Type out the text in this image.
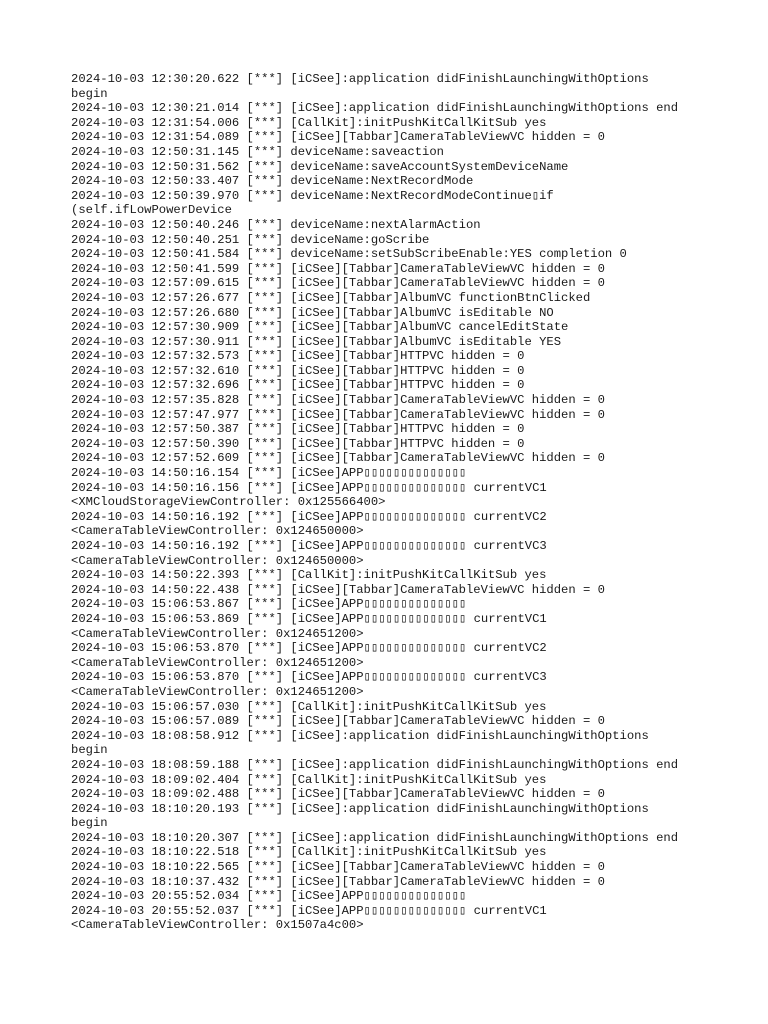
2024-10-03 12:30:20.622 [***] [iCSee]:application didFinishLaunchingWithOptions
begin
2024-10-03 12:30:21.014 [***] [iCSee]:application didFinishLaunchingWithOptions end
2024-10-03 12:31:54.006 [***] [CallKit]:initPushKitCallKitSub yes
2024-10-03 12:31:54.089 [***] [iCSee][Tabbar]CameraTableViewVC hidden = 0
2024-10-03 12:50:31.145 [***] deviceName:saveaction
2024-10-03 12:50:31.562 [***] deviceName:saveAccountSystemDeviceName
2024-10-03 12:50:33.407 [***] deviceName:NextRecordMode
2024-10-03 12:50:39.970 [***] deviceName:NextRecordModeContinue▯if
(self.ifLowPowerDevice
2024-10-03 12:50:40.246 [***] deviceName:nextAlarmAction
2024-10-03 12:50:40.251 [***] deviceName:goScribe
2024-10-03 12:50:41.584 [***] deviceName:setSubScribeEnable:YES completion 0
2024-10-03 12:50:41.599 [***] [iCSee][Tabbar]CameraTableViewVC hidden = 0
2024-10-03 12:57:09.615 [***] [iCSee][Tabbar]CameraTableViewVC hidden = 0
2024-10-03 12:57:26.677 [***] [iCSee][Tabbar]AlbumVC functionBtnClicked
2024-10-03 12:57:26.680 [***] [iCSee][Tabbar]AlbumVC isEditable NO
2024-10-03 12:57:30.909 [***] [iCSee][Tabbar]AlbumVC cancelEditState
2024-10-03 12:57:30.911 [***] [iCSee][Tabbar]AlbumVC isEditable YES
2024-10-03 12:57:32.573 [***] [iCSee][Tabbar]HTTPVC hidden = 0
2024-10-03 12:57:32.610 [***] [iCSee][Tabbar]HTTPVC hidden = 0
2024-10-03 12:57:32.696 [***] [iCSee][Tabbar]HTTPVC hidden = 0
2024-10-03 12:57:35.828 [***] [iCSee][Tabbar]CameraTableViewVC hidden = 0
2024-10-03 12:57:47.977 [***] [iCSee][Tabbar]CameraTableViewVC hidden = 0
2024-10-03 12:57:50.387 [***] [iCSee][Tabbar]HTTPVC hidden = 0
2024-10-03 12:57:50.390 [***] [iCSee][Tabbar]HTTPVC hidden = 0
2024-10-03 12:57:52.609 [***] [iCSee][Tabbar]CameraTableViewVC hidden = 0
2024-10-03 14:50:16.154 [***] [iCSee]APP▯▯▯▯▯▯▯▯▯▯▯▯▯▯
2024-10-03 14:50:16.156 [***] [iCSee]APP▯▯▯▯▯▯▯▯▯▯▯▯▯▯ currentVC1
<XMCloudStorageViewController: 0x125566400>
2024-10-03 14:50:16.192 [***] [iCSee]APP▯▯▯▯▯▯▯▯▯▯▯▯▯▯ currentVC2
<CameraTableViewController: 0x124650000>
2024-10-03 14:50:16.192 [***] [iCSee]APP▯▯▯▯▯▯▯▯▯▯▯▯▯▯ currentVC3
<CameraTableViewController: 0x124650000>
2024-10-03 14:50:22.393 [***] [CallKit]:initPushKitCallKitSub yes
2024-10-03 14:50:22.438 [***] [iCSee][Tabbar]CameraTableViewVC hidden = 0
2024-10-03 15:06:53.867 [***] [iCSee]APP▯▯▯▯▯▯▯▯▯▯▯▯▯▯
2024-10-03 15:06:53.869 [***] [iCSee]APP▯▯▯▯▯▯▯▯▯▯▯▯▯▯ currentVC1
<CameraTableViewController: 0x124651200>
2024-10-03 15:06:53.870 [***] [iCSee]APP▯▯▯▯▯▯▯▯▯▯▯▯▯▯ currentVC2
<CameraTableViewController: 0x124651200>
2024-10-03 15:06:53.870 [***] [iCSee]APP▯▯▯▯▯▯▯▯▯▯▯▯▯▯ currentVC3
<CameraTableViewController: 0x124651200>
2024-10-03 15:06:57.030 [***] [CallKit]:initPushKitCallKitSub yes
2024-10-03 15:06:57.089 [***] [iCSee][Tabbar]CameraTableViewVC hidden = 0
2024-10-03 18:08:58.912 [***] [iCSee]:application didFinishLaunchingWithOptions
begin
2024-10-03 18:08:59.188 [***] [iCSee]:application didFinishLaunchingWithOptions end
2024-10-03 18:09:02.404 [***] [CallKit]:initPushKitCallKitSub yes
2024-10-03 18:09:02.488 [***] [iCSee][Tabbar]CameraTableViewVC hidden = 0
2024-10-03 18:10:20.193 [***] [iCSee]:application didFinishLaunchingWithOptions
begin
2024-10-03 18:10:20.307 [***] [iCSee]:application didFinishLaunchingWithOptions end
2024-10-03 18:10:22.518 [***] [CallKit]:initPushKitCallKitSub yes
2024-10-03 18:10:22.565 [***] [iCSee][Tabbar]CameraTableViewVC hidden = 0
2024-10-03 18:10:37.432 [***] [iCSee][Tabbar]CameraTableViewVC hidden = 0
2024-10-03 20:55:52.034 [***] [iCSee]APP▯▯▯▯▯▯▯▯▯▯▯▯▯▯
2024-10-03 20:55:52.037 [***] [iCSee]APP▯▯▯▯▯▯▯▯▯▯▯▯▯▯ currentVC1
<CameraTableViewController: 0x1507a4c00>
